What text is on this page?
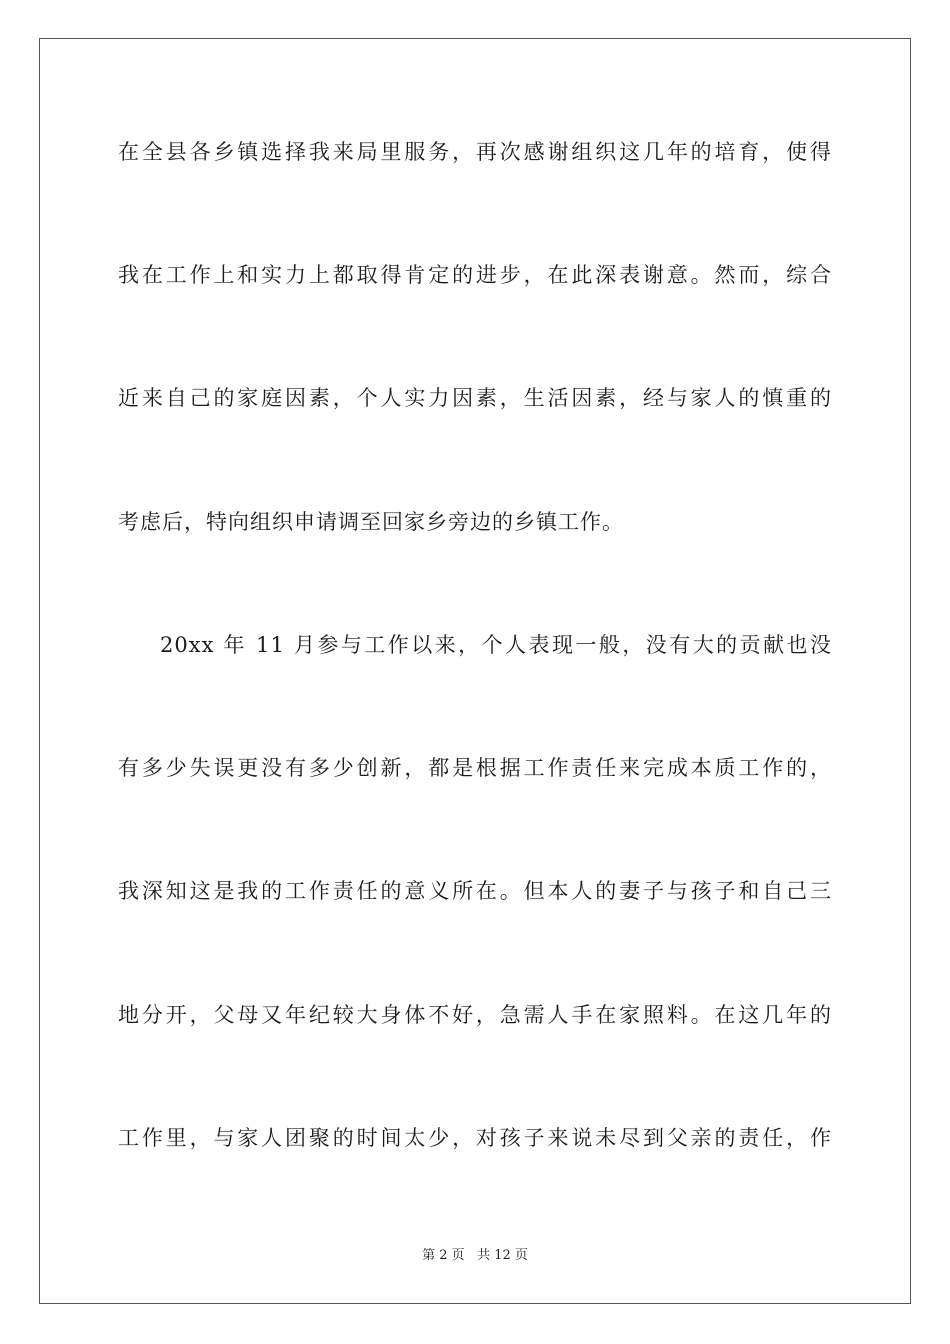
在全县各乡镇选择我来局里服务，再次感谢组织这几年的培育，使得
我在工作上和实力上都取得肯定的进步，在此深表谢意。然而，综合
近来自己的家庭因素，个人实力因素，生活因素，经与家人的慎重的
考虑后，特向组织申请调至回家乡旁边的乡镇工作。
20xx 年 11 月参与工作以来，个人表现一般，没有大的贡献也没
有多少失误更没有多少创新，都是根据工作责任来完成本质工作的，
我深知这是我的工作责任的意义所在。但本人的妻子与孩子和自己三
地分开，父母又年纪较大身体不好，急需人手在家照料。在这几年的
工作里，与家人团聚的时间太少，对孩子来说未尽到父亲的责任，作
第 2 页 共 12 页
